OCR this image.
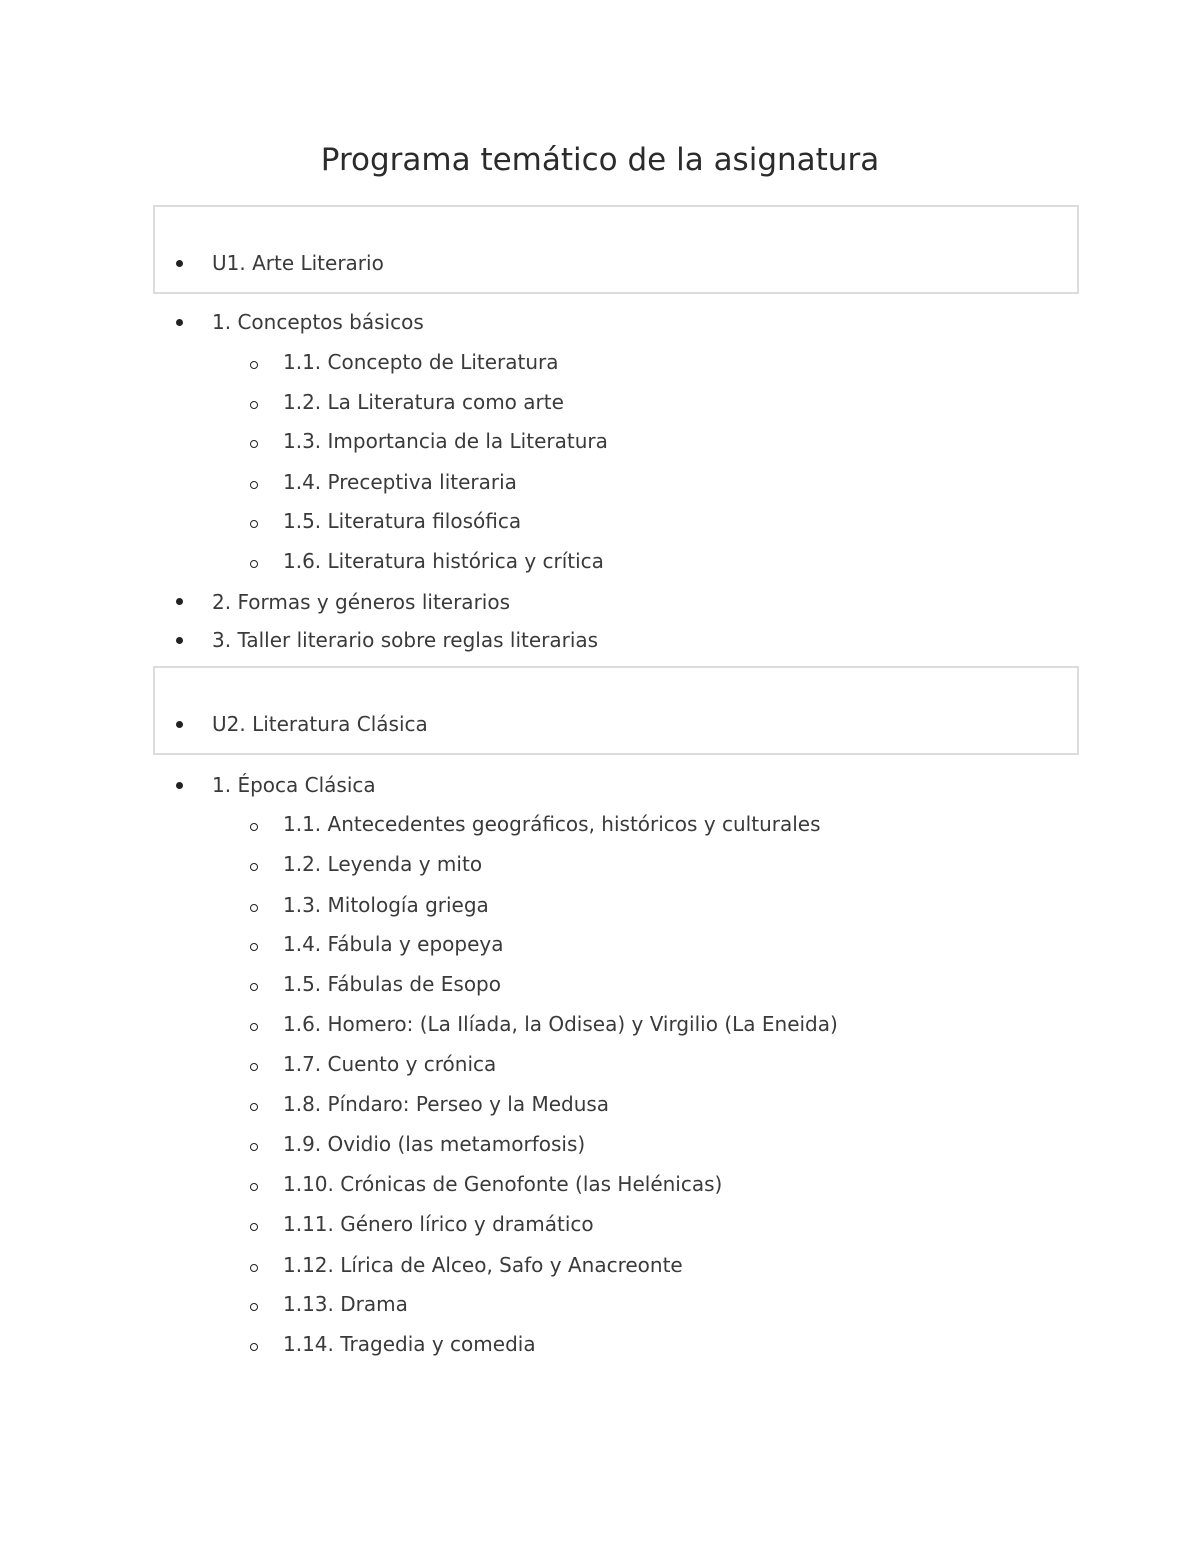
Programa temático de la asignatura
U1. Arte Literario
1. Conceptos básicos
1.1. Concepto de Literatura
1.2. La Literatura como arte
1.3. Importancia de la Literatura
1.4. Preceptiva literaria
1.5. Literatura filosófica
1.6. Literatura histórica y crítica
2. Formas y géneros literarios
3. Taller literario sobre reglas literarias
U2. Literatura Clásica
1. Época Clásica
1.1. Antecedentes geográficos, históricos y culturales
1.2. Leyenda y mito
1.3. Mitología griega
1.4. Fábula y epopeya
1.5. Fábulas de Esopo
1.6. Homero: (La Ilíada, la Odisea) y Virgilio (La Eneida)
1.7. Cuento y crónica
1.8. Píndaro: Perseo y la Medusa
1.9. Ovidio (las metamorfosis)
1.10. Crónicas de Genofonte (las Helénicas)
1.11. Género lírico y dramático
1.12. Lírica de Alceo, Safo y Anacreonte
1.13. Drama
1.14. Tragedia y comedia
